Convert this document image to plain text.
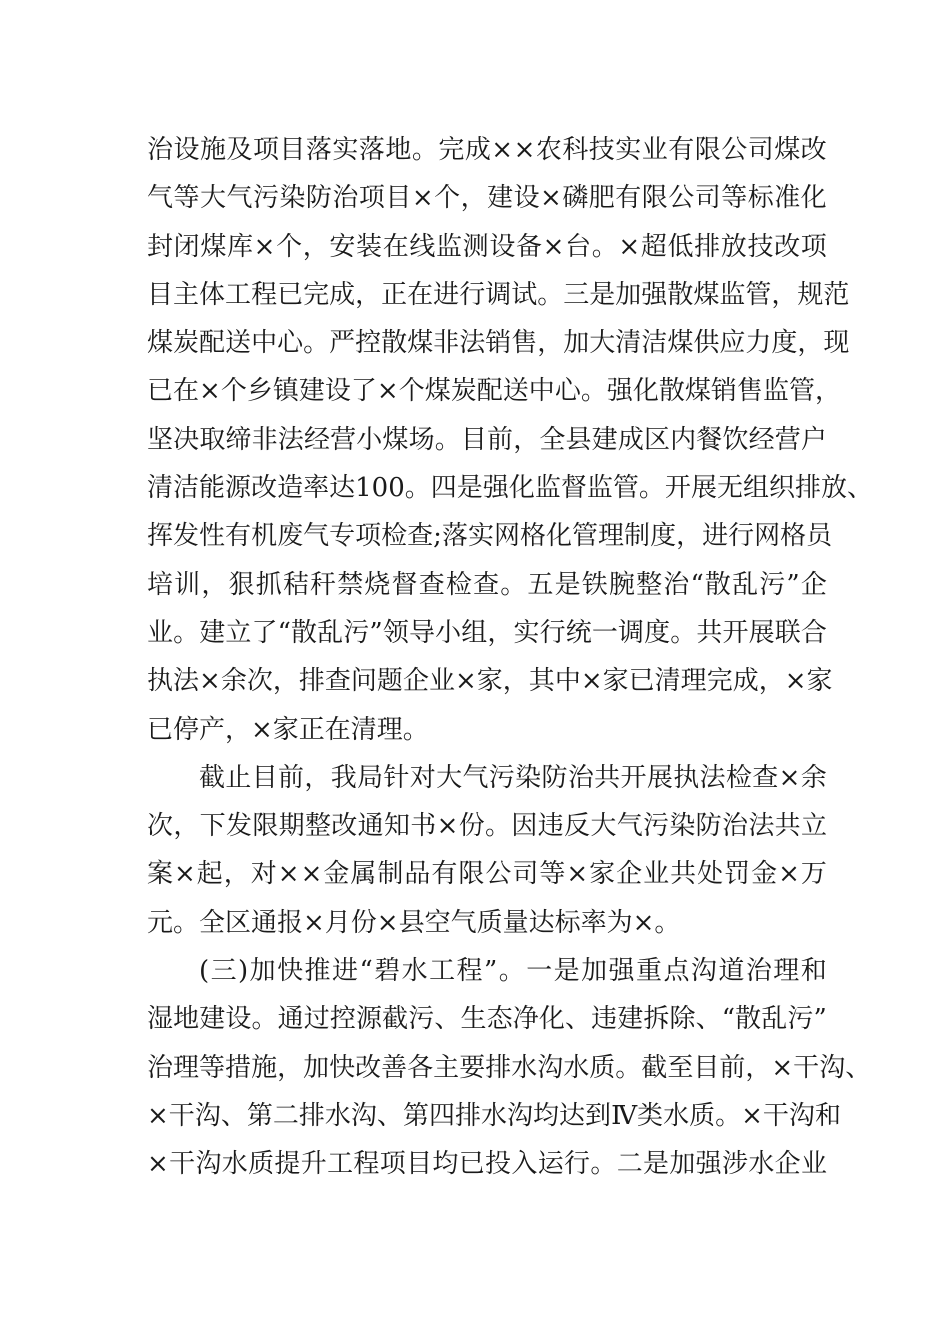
治 设 施 及 项 目 落 实 落 地 。 完 成 × × 农 科 技 实 业 有 限 公 司 煤 改
气 等 大 气 污 染 防 治 项 目 × 个 ， 建 设 × 磷 肥 有 限 公 司 等 标 准 化
封 闭 煤 库 × 个 ， 安 装 在 线 监 测 设 备 × 台 。 × 超 低 排 放 技 改 项
目 主 体 工 程 已 完 成 ， 正 在 进 行 调 试 。 三 是 加 强 散 煤 监 管 ， 规 范
煤 炭 配 送 中 心 。 严 控 散 煤 非 法 销 售 ， 加 大 清 洁 煤 供 应 力 度 ， 现
已 在 × 个 乡 镇 建 设 了 × 个 煤 炭 配 送 中 心 。 强 化 散 煤 销 售 监 管 ，
坚 决 取 缔 非 法 经 营 小 煤 场 。 目 前 ， 全 县 建 成 区 内 餐 饮 经 营 户
清 洁 能 源 改 造 率 达 1 0 0 。 四 是 强 化 监 督 监 管 。 开 展 无 组 织 排 放 、
挥 发 性 有 机 废 气 专 项 检 查 ; 落 实 网 格 化 管 理 制 度 ， 进 行 网 格 员
培 训 ， 狠 抓 秸 秆 禁 烧 督 查 检 查 。 五 是 铁 腕 整 治 “ 散 乱 污 ” 企
业 。 建 立 了 “ 散 乱 污 ” 领 导 小 组 ， 实 行 统 一 调 度 。 共 开 展 联 合
执 法 × 余 次 ， 排 查 问 题 企 业 × 家 ， 其 中 × 家 已 清 理 完 成 ， × 家
已停产，×家正在清理。
截 止 目 前 ， 我 局 针 对 大 气 污 染 防 治 共 开 展 执 法 检 查 × 余
次 ， 下 发 限 期 整 改 通 知 书 × 份 。 因 违 反 大 气 污 染 防 治 法 共 立
案 × 起 ， 对 × × 金 属 制 品 有 限 公 司 等 × 家 企 业 共 处 罚 金 × 万
元。全区通报×月份×县空气质量达标率为×。
( 三 ) 加 快 推 进 “ 碧 水 工 程 ” 。 一 是 加 强 重 点 沟 道 治 理 和
湿 地 建 设 。 通 过 控 源 截 污 、 生 态 净 化 、 违 建 拆 除 、 “ 散 乱 污 ”
治 理 等 措 施 ， 加 快 改 善 各 主 要 排 水 沟 水 质 。 截 至 目 前 ， × 干 沟 、
× 干 沟 、 第 二 排 水 沟 、 第 四 排 水 沟 均 达 到 Ⅳ 类 水 质 。 × 干 沟 和
× 干 沟 水 质 提 升 工 程 项 目 均 已 投 入 运 行 。 二 是 加 强 涉 水 企 业
